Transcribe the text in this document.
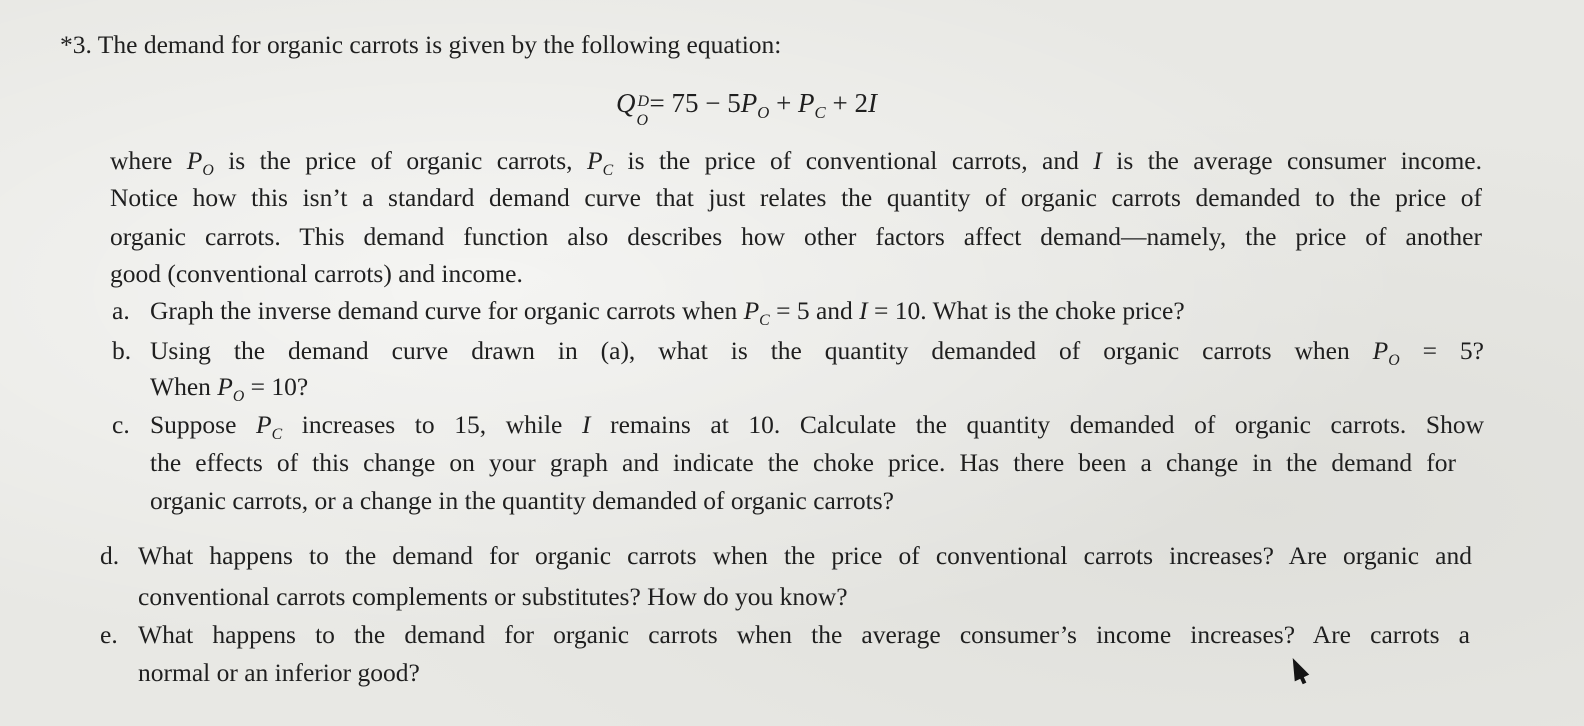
*3. The demand for organic carrots is given by the following equation:
Q D
O
= $75 - 5P_O + P_C + 2I$
where $P_O$ is the price of organic carrots, $P_C$ is the price of conventional carrots, and I is the average consumer income.
Notice how this isn’t a standard demand curve that just relates the quantity of organic carrots demanded to the price of
organic carrots. This demand function also describes how other factors affect demand—namely, the price of another
good (conventional carrots) and income.
a. Graph the inverse demand curve for organic carrots when $P_C = 5$ and I = 10. What is the choke price?
b. Using the demand curve drawn in (a), what is the quantity demanded of organic carrots when $P_O = 5$?
When $P_O = 10$?
c. Suppose $P_C$ increases to 15, while I remains at 10. Calculate the quantity demanded of organic carrots. Show
the effects of this change on your graph and indicate the choke price. Has there been a change in the demand for
organic carrots, or a change in the quantity demanded of organic carrots?
d. What happens to the demand for organic carrots when the price of conventional carrots increases? Are organic and
conventional carrots complements or substitutes? How do you know?
e. What happens to the demand for organic carrots when the average consumer’s income increases? Are carrots a
normal or an inferior good?
